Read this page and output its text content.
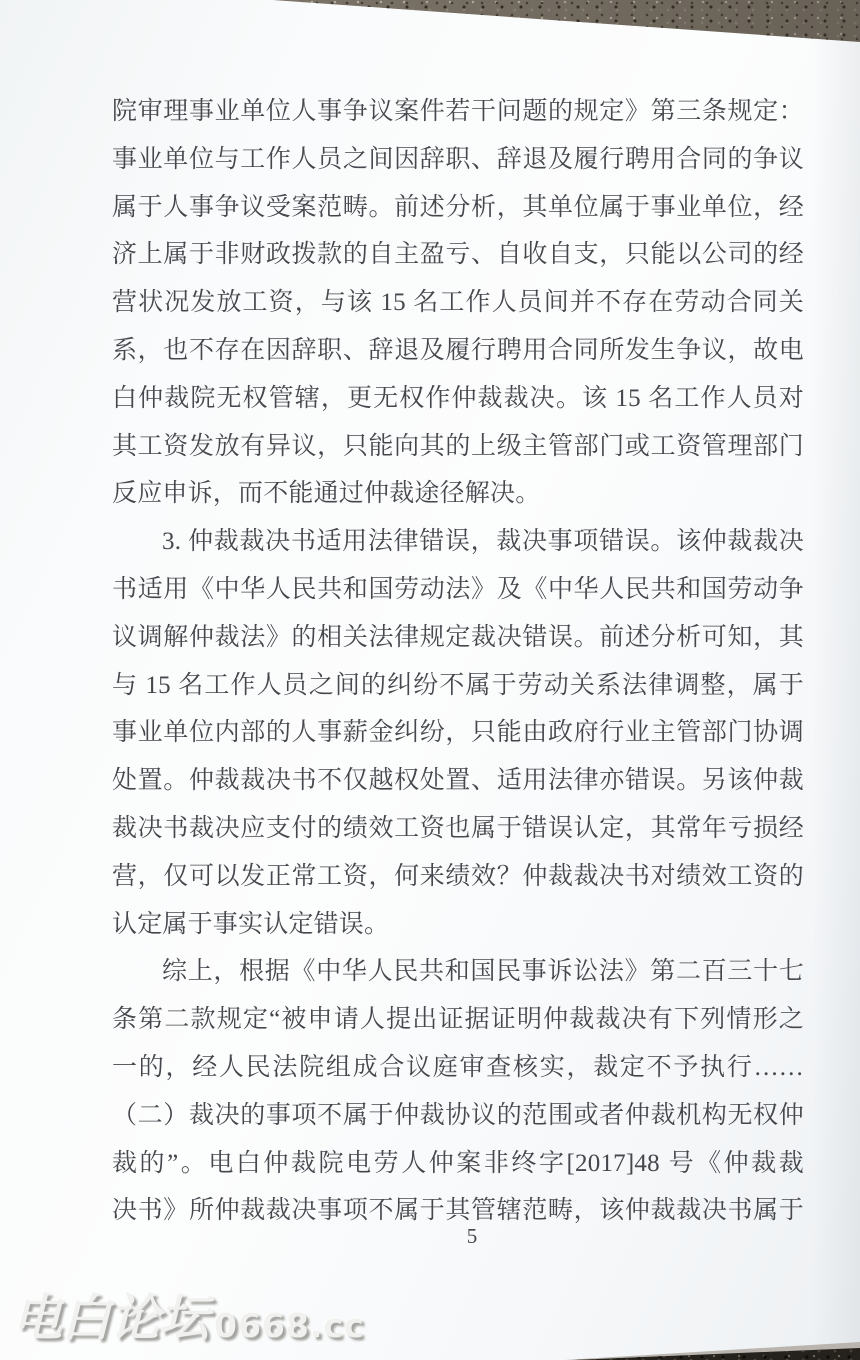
院审理事业单位人事争议案件若干问题的规定》第三条规定：

事业单位与工作人员之间因辞职、辞退及履行聘用合同的争议

属于人事争议受案范畴。前述分析，其单位属于事业单位，经

济上属于非财政拨款的自主盈亏、自收自支，只能以公司的经

营状况发放工资，与该 15 名工作人员间并不存在劳动合同关

系，也不存在因辞职、辞退及履行聘用合同所发生争议，故电

白仲裁院无权管辖，更无权作仲裁裁决。该 15 名工作人员对

其工资发放有异议，只能向其的上级主管部门或工资管理部门

反应申诉，而不能通过仲裁途径解决。

3. 仲裁裁决书适用法律错误，裁决事项错误。该仲裁裁决

书适用《中华人民共和国劳动法》及《中华人民共和国劳动争

议调解仲裁法》的相关法律规定裁决错误。前述分析可知，其

与 15 名工作人员之间的纠纷不属于劳动关系法律调整，属于

事业单位内部的人事薪金纠纷，只能由政府行业主管部门协调

处置。仲裁裁决书不仅越权处置、适用法律亦错误。另该仲裁

裁决书裁决应支付的绩效工资也属于错误认定，其常年亏损经

营，仅可以发正常工资，何来绩效？仲裁裁决书对绩效工资的

认定属于事实认定错误。

综上，根据《中华人民共和国民事诉讼法》第二百三十七

条第二款规定“被申请人提出证据证明仲裁裁决有下列情形之

一的，经人民法院组成合议庭审查核实，裁定不予执行……

（二）裁决的事项不属于仲裁协议的范围或者仲裁机构无权仲

裁的”。电白仲裁院电劳人仲案非终字[2017]48 号《仲裁裁

决书》所仲裁裁决事项不属于其管辖范畴，该仲裁裁决书属于

5
电白论坛 0668.cc
